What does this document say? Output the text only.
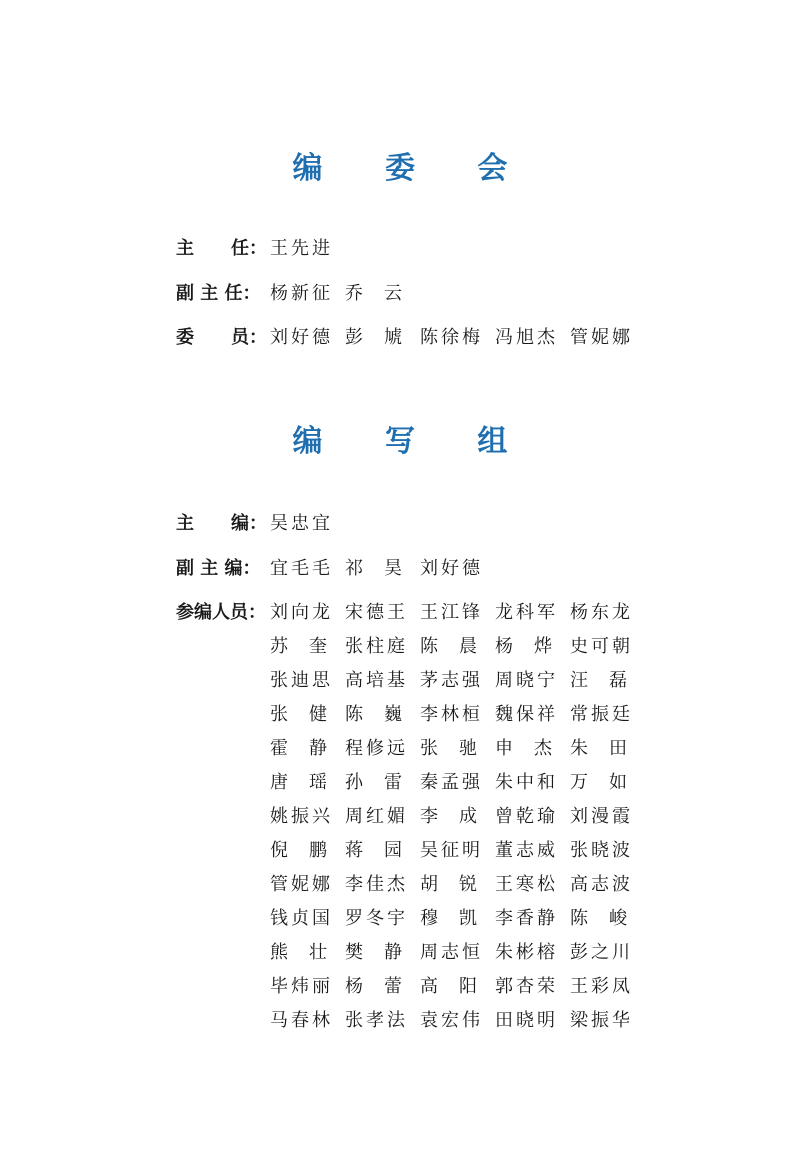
编 委 会
主 任： 王先进
副 主 任： 杨新征 乔 云
委 员： 刘好德 彭 虓 陈徐梅 冯旭杰 管妮娜
编 写 组
主 编： 吴忠宜
副 主 编： 宜毛毛 祁 昊 刘好德
参编人员： 刘向龙 宋德王 王江锋 龙科军 杨东龙
苏 奎 张柱庭 陈 晨 杨 烨 史可朝
张迪思 高培基 茅志强 周晓宁 汪 磊
张 健 陈 巍 李林桓 魏保祥 常振廷
霍 静 程修远 张 驰 申 杰 朱 田
唐 瑶 孙 雷 秦孟强 朱中和 万 如
姚振兴 周红媚 李 成 曾乾瑜 刘漫霞
倪 鹏 蒋 园 吴征明 董志威 张晓波
管妮娜 李佳杰 胡 锐 王寒松 高志波
钱贞国 罗冬宇 穆 凯 李香静 陈 峻
熊 壮 樊 静 周志恒 朱彬榕 彭之川
毕炜丽 杨 蕾 高 阳 郭杏荣 王彩凤
马春林 张孝法 袁宏伟 田晓明 梁振华
